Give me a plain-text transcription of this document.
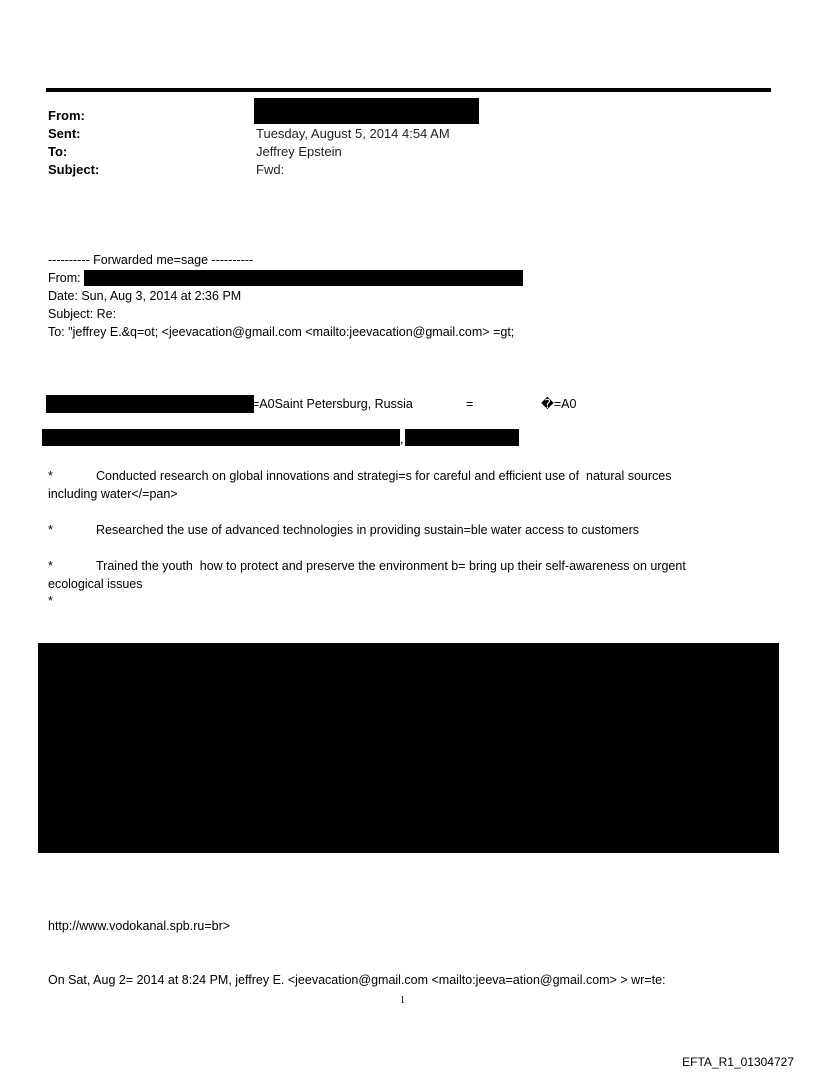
From:
Sent:	Tuesday, August 5, 2014 4:54 AM
To:	Jeffrey Epstein
Subject:	Fwd:
---------- Forwarded me=sage ----------
From:
Date: Sun, Aug 3, 2014 at 2:36 PM
Subject: Re:
To: "jeffrey E.&q=ot; <jeevacation@gmail.com <mailto:jeevacation@gmail.com> =gt;
=A0Saint Petersburg, Russia	=	�=A0
,
*	Conducted research on global innovations and strategi=s for careful and efficient use of  natural sources
including water</=pan>
*	Researched the use of advanced technologies in providing sustain=ble water access to customers
*	Trained the youth  how to protect and preserve the environment b= bring up their self-awareness on urgent
ecological issues
*
http://www.vodokanal.spb.ru=br>
On Sat, Aug 2= 2014 at 8:24 PM, jeffrey E. <jeevacation@gmail.com <mailto:jeeva=ation@gmail.com> > wr=te:
1
EFTA_R1_01304727
